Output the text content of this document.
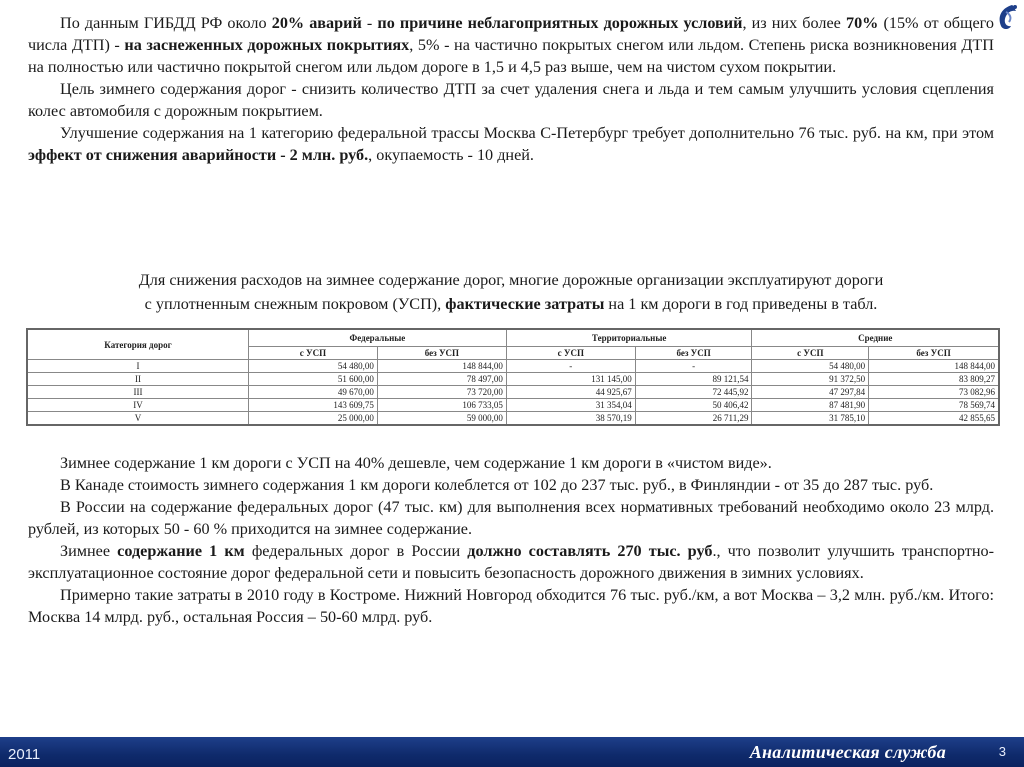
По данным ГИБДД РФ около 20% аварий - по причине неблагоприятных дорожных условий, из них более 70% (15% от общего числа ДТП) - на заснеженных дорожных покрытиях, 5% - на частично покрытых снегом или льдом. Степень риска возникновения ДТП на полностью или частично покрытой снегом или льдом дороге в 1,5 и 4,5 раз выше, чем на чистом сухом покрытии.

Цель зимнего содержания дорог - снизить количество ДТП за счет удаления снега и льда и тем самым улучшить условия сцепления колес автомобиля с дорожным покрытием.

Улучшение содержания на 1 категорию федеральной трассы Москва С-Петербург требует дополнительно 76 тыс. руб. на км, при этом эффект от снижения аварийности - 2 млн. руб., окупаемость - 10 дней.

Для снижения расходов на зимнее содержание дорог, многие дорожные организации эксплуатируют дороги

с уплотненным снежным покровом (УСП), фактические затраты на 1 км дороги в год приведены в табл.

Категория дорог	Федеральные		Территориальные		Средние	
	с УСП	без УСП	с УСП	без УСП	с УСП	без УСП
I	54 480,00	148 844,00	-	-	54 480,00	148 844,00
II	51 600,00	78 497,00	131 145,00	89 121,54	91 372,50	83 809,27
III	49 670,00	73 720,00	44 925,67	72 445,92	47 297,84	73 082,96
IV	143 609,75	106 733,05	31 354,04	50 406,42	87 481,90	78 569,74
V	25 000,00	59 000,00	38 570,19	26 711,29	31 785,10	42 855,65

Зимнее содержание 1 км дороги с УСП на 40% дешевле, чем содержание 1 км дороги в «чистом виде».

В Канаде стоимость зимнего содержания 1 км дороги колеблется от 102 до 237 тыс. руб., в Финляндии - от 35 до 287 тыс. руб.

В России на содержание федеральных дорог (47 тыс. км) для выполнения всех нормативных требований необходимо около 23 млрд. рублей, из которых 50 - 60 % приходится на зимнее содержание.

Зимнее содержание 1 км федеральных дорог в России должно составлять 270 тыс. руб., что позволит улучшить транспортно-эксплуатационное состояние дорог федеральной сети и повысить безопасность дорожного движения в зимних условиях.

Примерно такие затраты в 2010 году в Костроме. Нижний Новгород обходится 76 тыс. руб./км, а вот Москва – 3,2 млн. руб./км. Итого: Москва 14 млрд. руб., остальная Россия – 50-60 млрд. руб.

2011	Аналитическая служба	3
